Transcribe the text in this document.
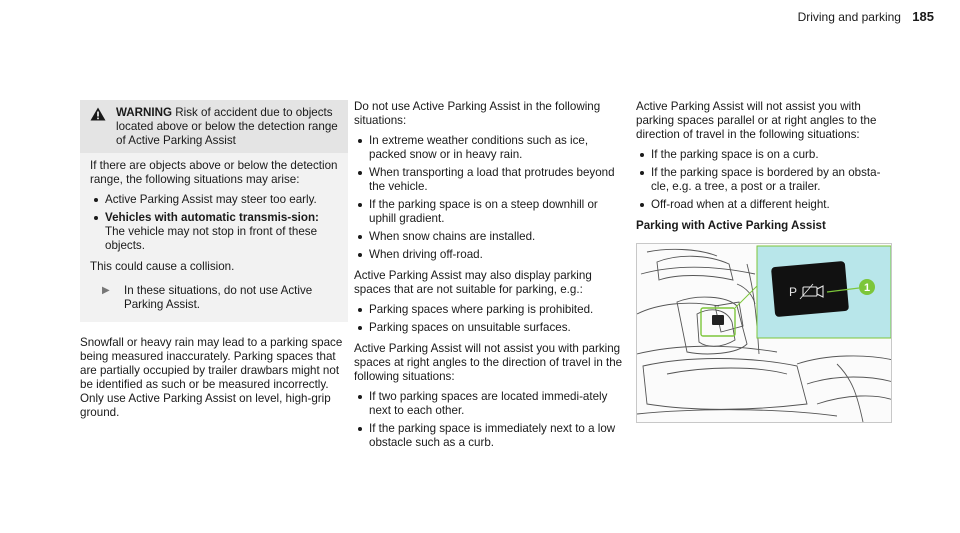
Driving and parking 185
WARNING Risk of accident due to objects located above or below the detection range of Active Parking Assist

If there are objects above or below the detection range, the following situations may arise:

Active Parking Assist may steer too early.
Vehicles with automatic transmis-sion: The vehicle may not stop in front of these objects.

This could cause a collision.

▶	In these situations, do not use Active Parking Assist.

Snowfall or heavy rain may lead to a parking space being measured inaccurately. Parking spaces that are partially occupied by trailer drawbars might not be identified as such or be measured incorrectly. Only use Active Parking Assist on level, high-grip ground.

Do not use Active Parking Assist in the following situations:

In extreme weather conditions such as ice, packed snow or in heavy rain.
When transporting a load that protrudes beyond the vehicle.
If the parking space is on a steep downhill or uphill gradient.
When snow chains are installed.
When driving off-road.

Active Parking Assist may also display parking spaces that are not suitable for parking, e.g.:

Parking spaces where parking is prohibited.
Parking spaces on unsuitable surfaces.

Active Parking Assist will not assist you with parking spaces at right angles to the direction of travel in the following situations:

If two parking spaces are located immedi-ately next to each other.
If the parking space is immediately next to a low obstacle such as a curb.

Active Parking Assist will not assist you with parking spaces parallel or at right angles to the direction of travel in the following situations:

If the parking space is on a curb.
If the parking space is bordered by an obsta-cle, e.g. a tree, a post or a trailer.
Off-road when at a different height.

Parking with Active Parking Assist

P	1
